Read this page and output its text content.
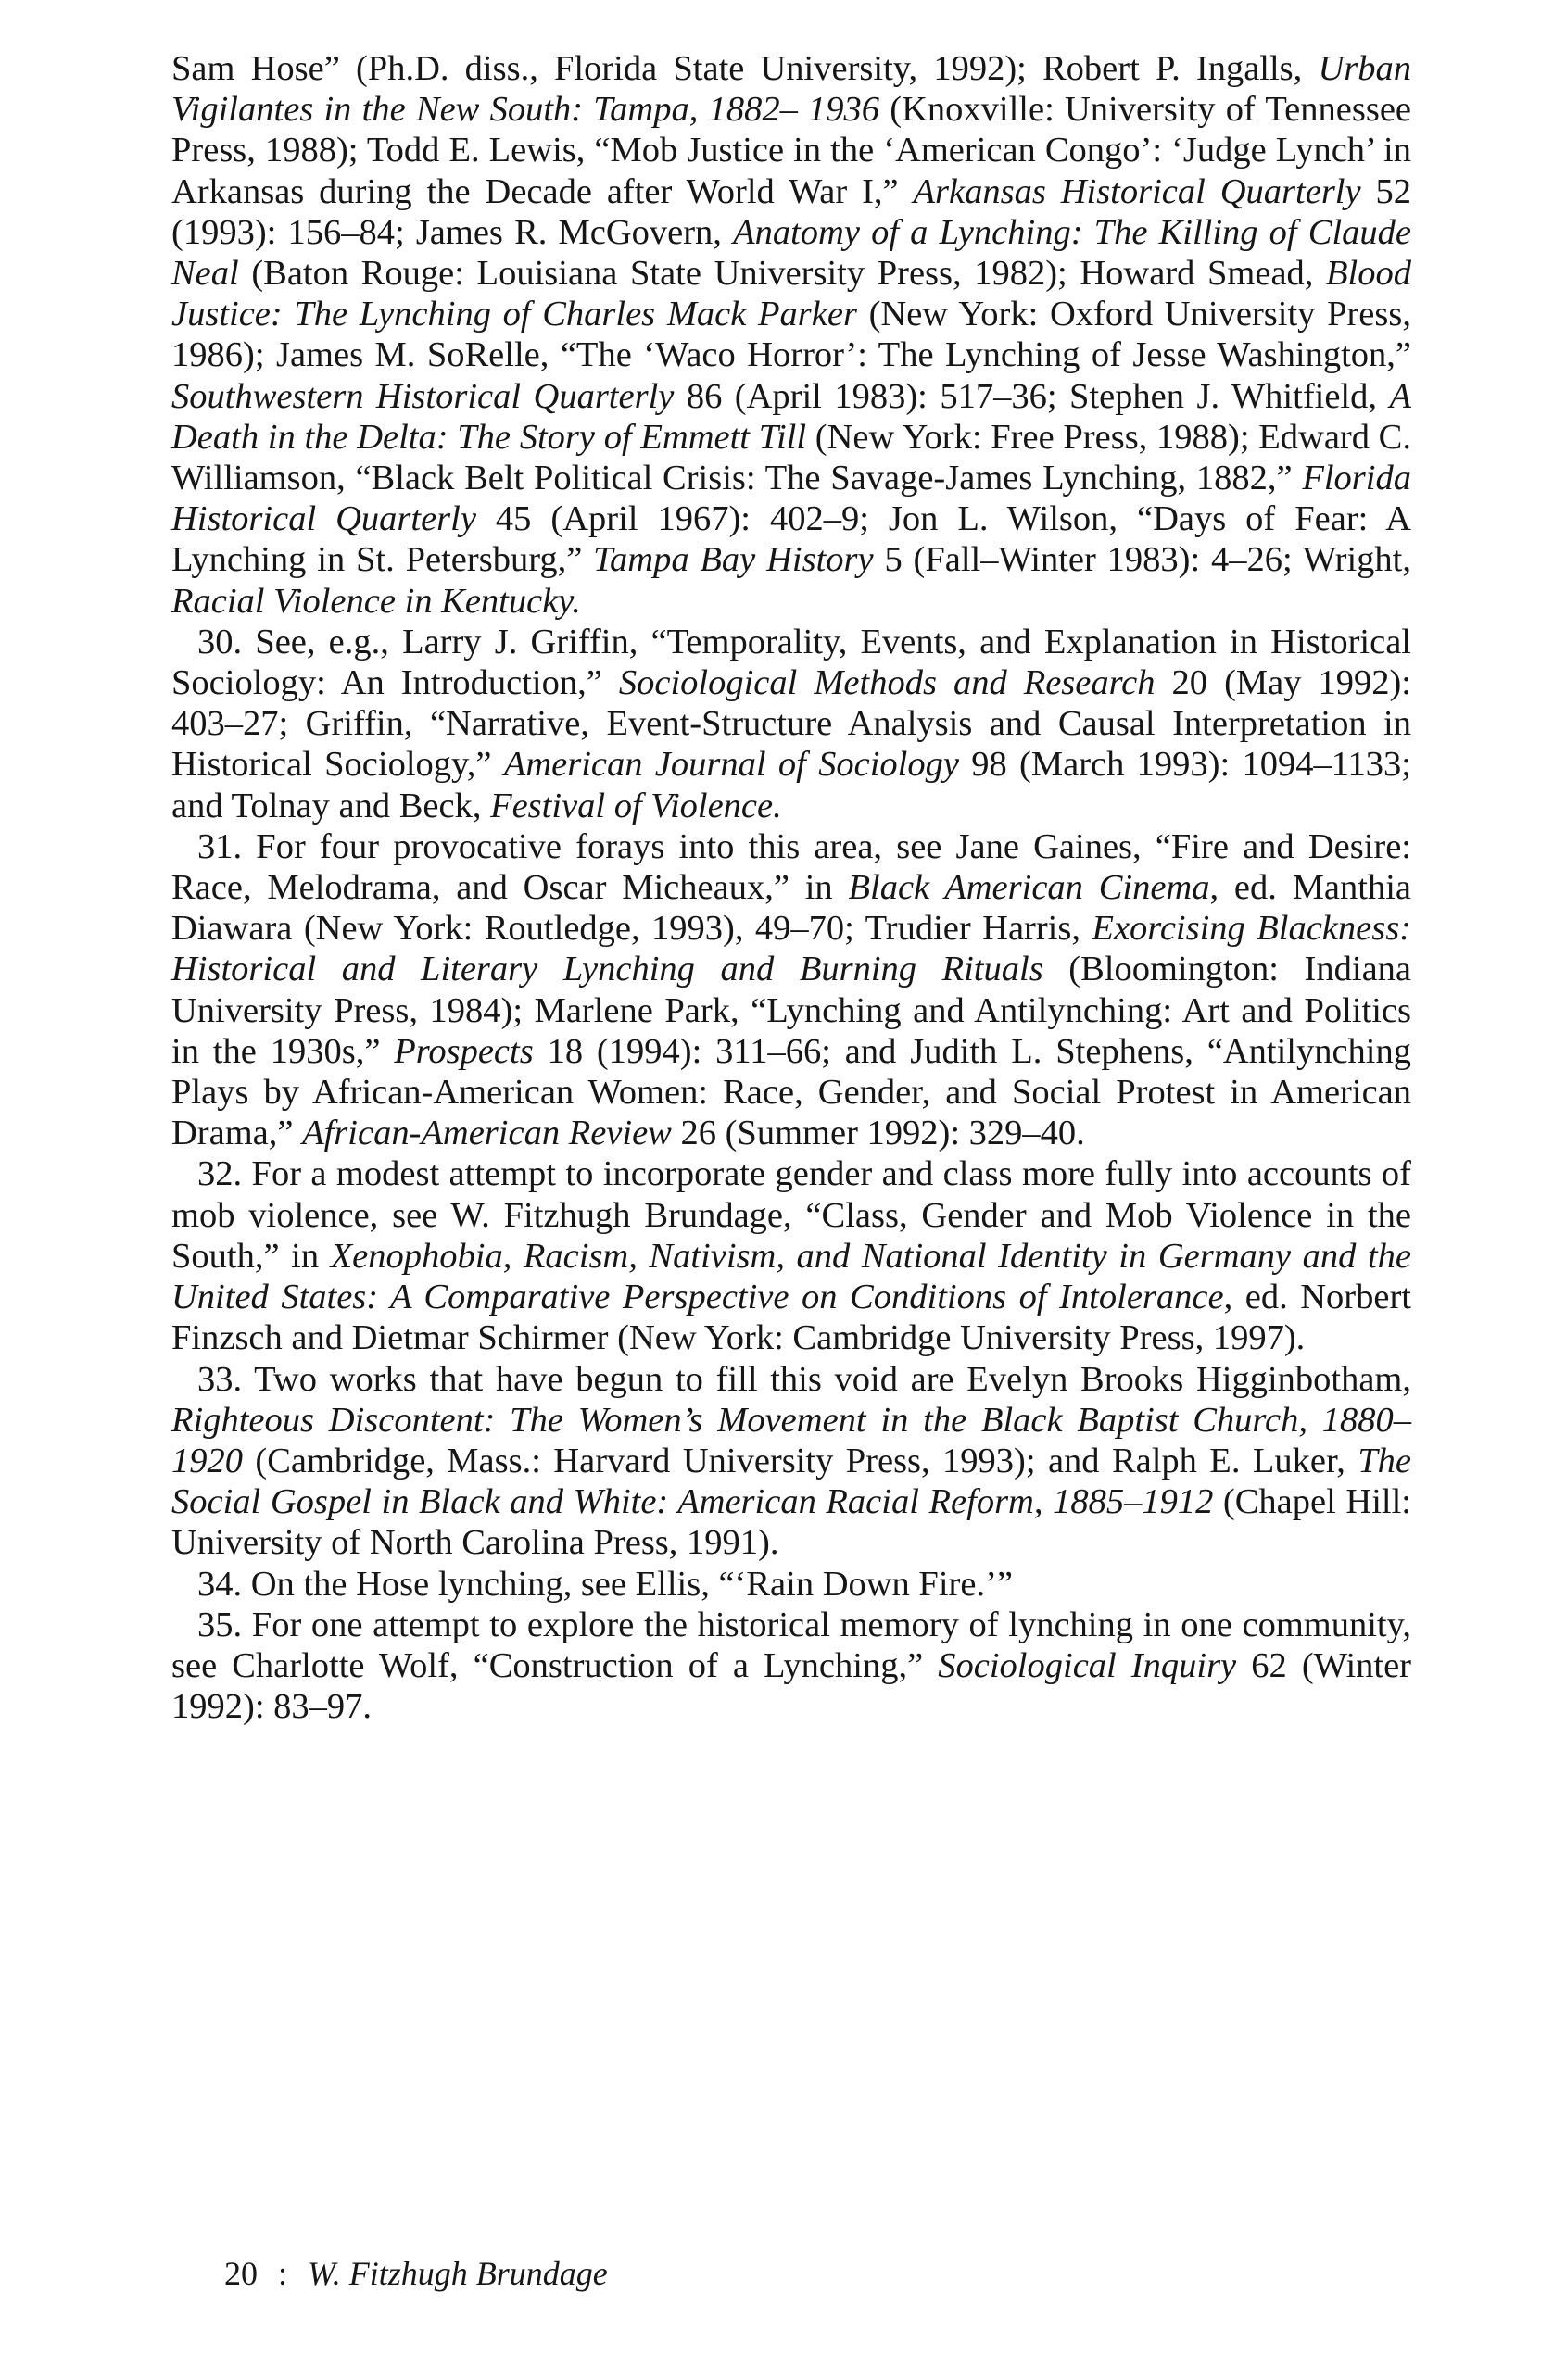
Sam Hose” (Ph.D. diss., Florida State University, 1992); Robert P. Ingalls, Urban Vigilantes in the New South: Tampa, 1882– 1936 (Knoxville: University of Tennessee Press, 1988); Todd E. Lewis, “Mob Justice in the ‘American Congo’: ‘Judge Lynch’ in Arkansas during the Decade after World War I,” Arkansas Historical Quarterly 52 (1993): 156–84; James R. McGovern, Anatomy of a Lynching: The Killing of Claude Neal (Baton Rouge: Louisiana State University Press, 1982); Howard Smead, Blood Justice: The Lynching of Charles Mack Parker (New York: Oxford University Press, 1986); James M. SoRelle, “The ‘Waco Horror’: The Lynching of Jesse Washington,” Southwestern Historical Quarterly 86 (April 1983): 517–36; Stephen J. Whitfield, A Death in the Delta: The Story of Emmett Till (New York: Free Press, 1988); Edward C. Williamson, “Black Belt Political Crisis: The Savage-James Lynching, 1882,” Florida Historical Quarterly 45 (April 1967): 402–9; Jon L. Wilson, “Days of Fear: A Lynching in St. Petersburg,” Tampa Bay History 5 (Fall–Winter 1983): 4–26; Wright, Racial Violence in Kentucky.

30. See, e.g., Larry J. Griffin, “Temporality, Events, and Explanation in Historical Sociology: An Introduction,” Sociological Methods and Research 20 (May 1992): 403–27; Griffin, “Narrative, Event-Structure Analysis and Causal Interpretation in Historical Sociology,” American Journal of Sociology 98 (March 1993): 1094–1133; and Tolnay and Beck, Festival of Violence.

31. For four provocative forays into this area, see Jane Gaines, “Fire and Desire: Race, Melodrama, and Oscar Micheaux,” in Black American Cinema, ed. Manthia Diawara (New York: Routledge, 1993), 49–70; Trudier Harris, Exorcising Blackness: Historical and Literary Lynching and Burning Rituals (Bloomington: Indiana University Press, 1984); Marlene Park, “Lynching and Antilynching: Art and Politics in the 1930s,” Prospects 18 (1994): 311–66; and Judith L. Stephens, “Antilynching Plays by African-American Women: Race, Gender, and Social Protest in American Drama,” African-American Review 26 (Summer 1992): 329–40.

32. For a modest attempt to incorporate gender and class more fully into accounts of mob violence, see W. Fitzhugh Brundage, “Class, Gender and Mob Violence in the South,” in Xenophobia, Racism, Nativism, and National Identity in Germany and the United States: A Comparative Perspective on Conditions of Intolerance, ed. Norbert Finzsch and Dietmar Schirmer (New York: Cambridge University Press, 1997).

33. Two works that have begun to fill this void are Evelyn Brooks Higginbotham, Righteous Discontent: The Women’s Movement in the Black Baptist Church, 1880–1920 (Cambridge, Mass.: Harvard University Press, 1993); and Ralph E. Luker, The Social Gospel in Black and White: American Racial Reform, 1885–1912 (Chapel Hill: University of North Carolina Press, 1991).

34. On the Hose lynching, see Ellis, “‘Rain Down Fire.’”

35. For one attempt to explore the historical memory of lynching in one community, see Charlotte Wolf, “Construction of a Lynching,” Sociological Inquiry 62 (Winter 1992): 83–97.

20 : W. Fitzhugh Brundage
